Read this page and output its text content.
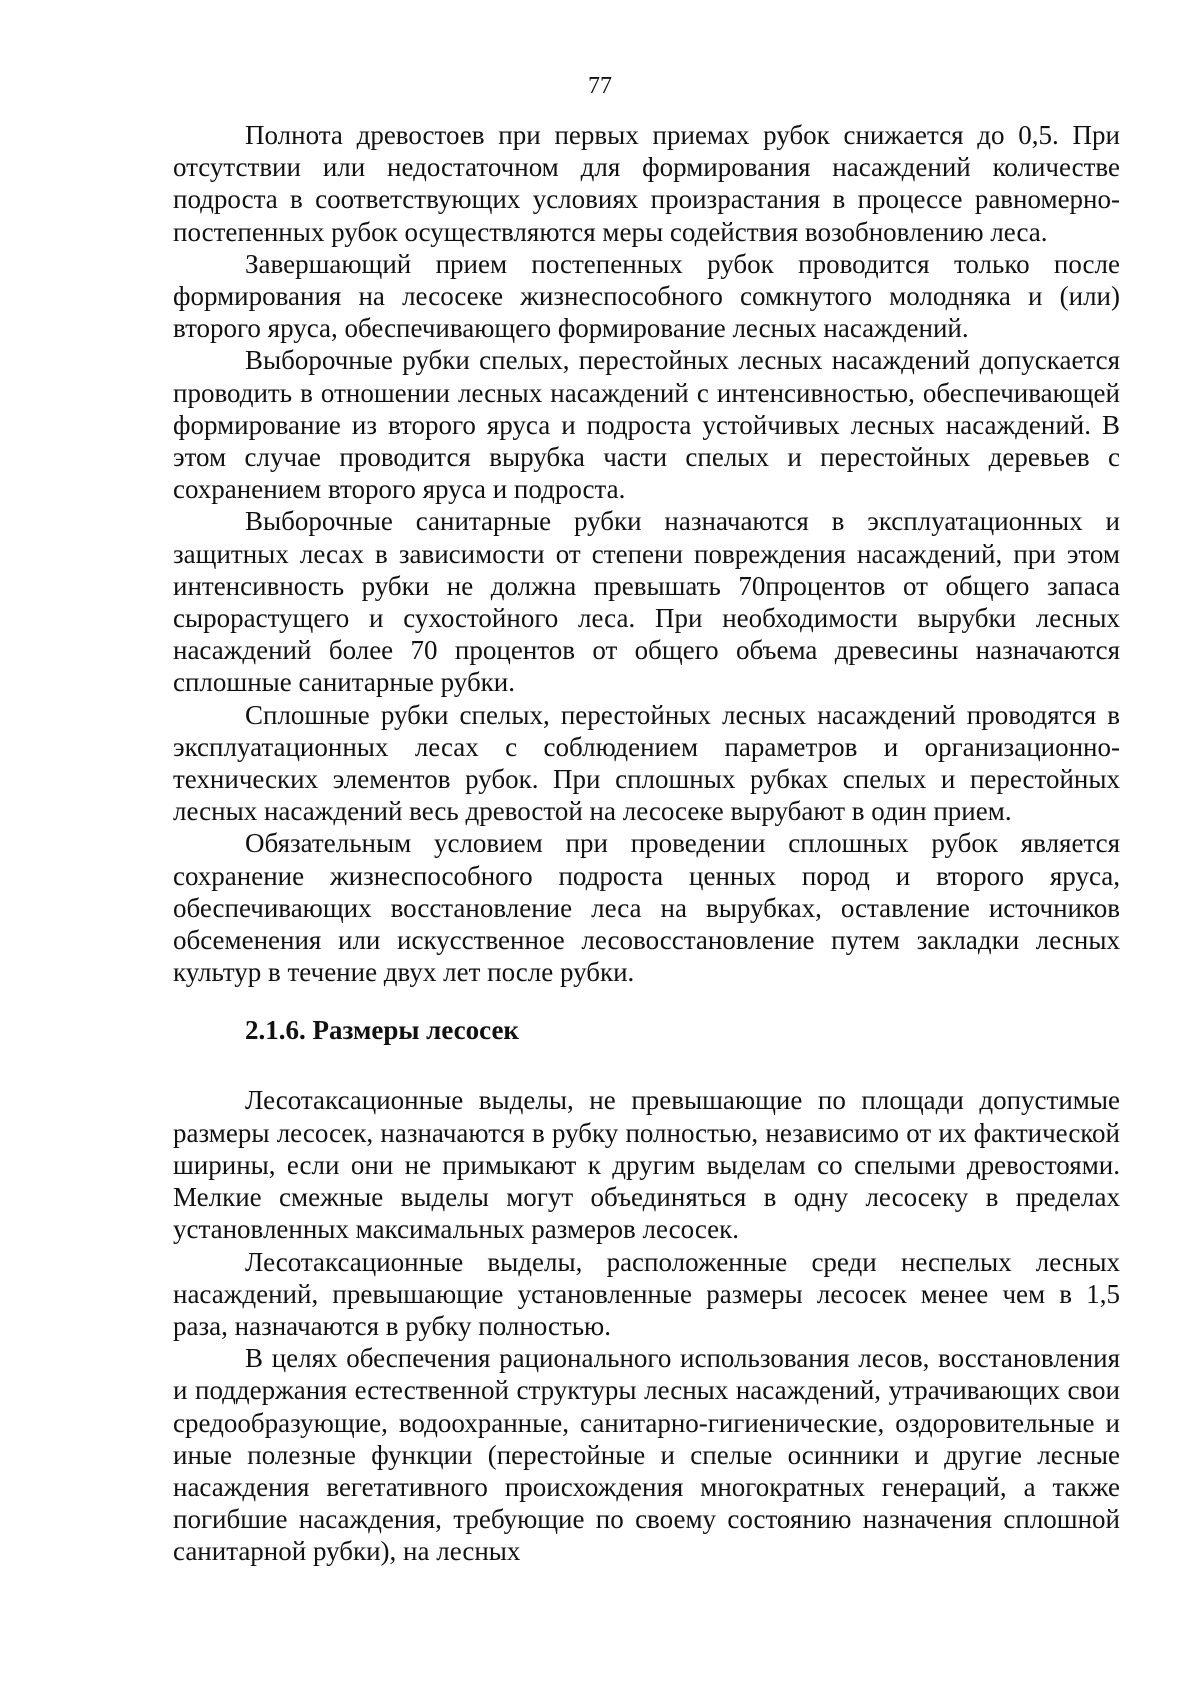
77

Полнота древостоев при первых приемах рубок снижается до 0,5. При отсутствии или недостаточном для формирования насаждений количестве подроста в соответствующих условиях произрастания в процессе равномерно-постепенных рубок осуществляются меры содействия возобновлению леса.

Завершающий прием постепенных рубок проводится только после формирования на лесосеке жизнеспособного сомкнутого молодняка и (или) второго яруса, обеспечивающего формирование лесных насаждений.

Выборочные рубки спелых, перестойных лесных насаждений допускается проводить в отношении лесных насаждений с интенсивностью, обеспечивающей формирование из второго яруса и подроста устойчивых лесных насаждений. В этом случае проводится вырубка части спелых и перестойных деревьев с сохранением второго яруса и подроста.

Выборочные санитарные рубки назначаются в эксплуатационных и защитных лесах в зависимости от степени повреждения насаждений, при этом интенсивность рубки не должна превышать 70процентов от общего запаса сырорастущего и сухостойного леса. При необходимости вырубки лесных насаждений более 70 процентов от общего объема древесины назначаются сплошные санитарные рубки.

Сплошные рубки спелых, перестойных лесных насаждений проводятся в эксплуатационных лесах с соблюдением параметров и организационно-технических элементов рубок. При сплошных рубках спелых и перестойных лесных насаждений весь древостой на лесосеке вырубают в один прием.

Обязательным условием при проведении сплошных рубок является сохранение жизнеспособного подроста ценных пород и второго яруса, обеспечивающих восстановление леса на вырубках, оставление источников обсеменения или искусственное лесовосстановление путем закладки лесных культур в течение двух лет после рубки.

2.1.6. Размеры лесосек

Лесотаксационные выделы, не превышающие по площади допустимые размеры лесосек, назначаются в рубку полностью, независимо от их фактической ширины, если они не примыкают к другим выделам со спелыми древостоями. Мелкие смежные выделы могут объединяться в одну лесосеку в пределах установленных максимальных размеров лесосек.

Лесотаксационные выделы, расположенные среди неспелых лесных насаждений, превышающие установленные размеры лесосек менее чем в 1,5 раза, назначаются в рубку полностью.

В целях обеспечения рационального использования лесов, восстановления и поддержания естественной структуры лесных насаждений, утрачивающих свои средообразующие, водоохранные, санитарно-гигиенические, оздоровительные и иные полезные функции (перестойные и спелые осинники и другие лесные насаждения вегетативного происхождения многократных генераций, а также погибшие насаждения, требующие по своему состоянию назначения сплошной санитарной рубки), на лесных
